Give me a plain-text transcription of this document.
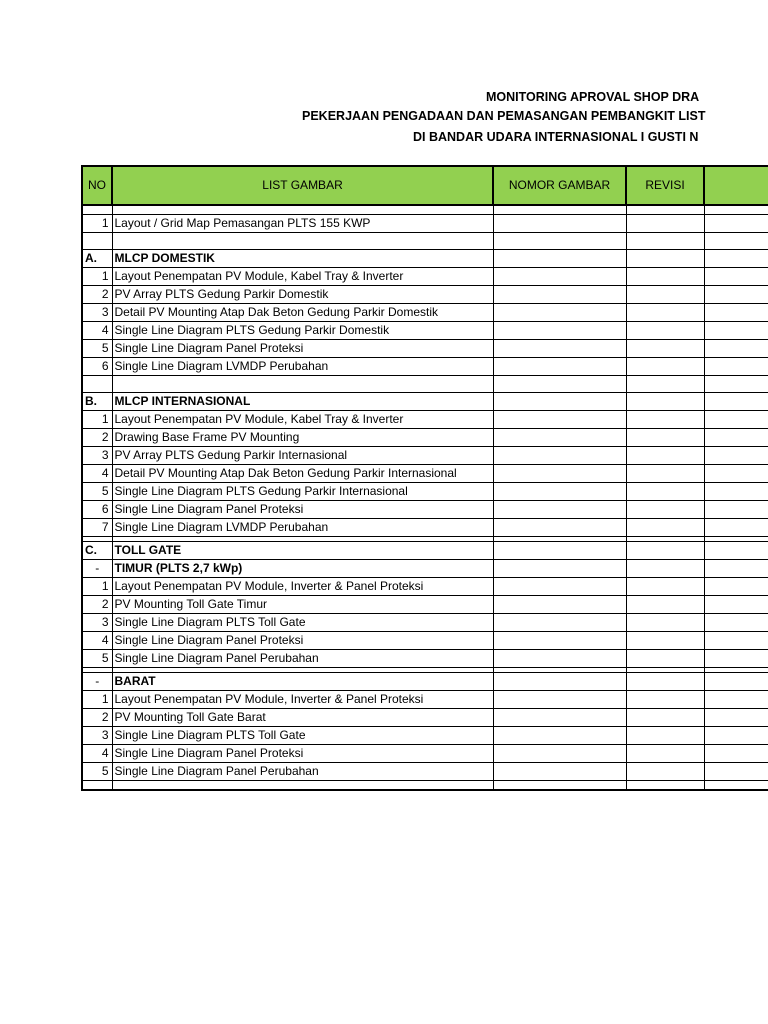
MONITORING APROVAL SHOP DRA
PEKERJAAN PENGADAAN DAN PEMASANGAN PEMBANGKIT LIST
DI BANDAR UDARA INTERNASIONAL I GUSTI N
NO	LIST GAMBAR	NOMOR GAMBAR	REVISI	

1	Layout / Grid Map Pemasangan PLTS 155 KWP			

A.	MLCP DOMESTIK			
1	Layout Penempatan PV Module, Kabel Tray & Inverter			
2	PV Array PLTS Gedung Parkir Domestik			
3	Detail PV Mounting Atap Dak Beton Gedung Parkir Domestik			
4	Single Line Diagram PLTS Gedung Parkir Domestik			
5	Single Line Diagram Panel Proteksi			
6	Single Line Diagram LVMDP Perubahan			

B.	MLCP INTERNASIONAL			
1	Layout Penempatan PV Module, Kabel Tray & Inverter			
2	Drawing Base Frame PV Mounting			
3	PV Array PLTS Gedung Parkir Internasional			
4	Detail PV Mounting Atap Dak Beton Gedung Parkir Internasional			
5	Single Line Diagram PLTS Gedung Parkir Internasional			
6	Single Line Diagram Panel Proteksi			
7	Single Line Diagram LVMDP Perubahan			

C.	TOLL GATE			
-	TIMUR (PLTS 2,7 kWp)			
1	Layout Penempatan PV Module, Inverter & Panel Proteksi			
2	PV Mounting Toll Gate Timur			
3	Single Line Diagram PLTS Toll Gate			
4	Single Line Diagram Panel Proteksi			
5	Single Line Diagram Panel Perubahan			

-	BARAT			
1	Layout Penempatan PV Module, Inverter & Panel Proteksi			
2	PV Mounting Toll Gate Barat			
3	Single Line Diagram PLTS Toll Gate			
4	Single Line Diagram Panel Proteksi			
5	Single Line Diagram Panel Perubahan			
